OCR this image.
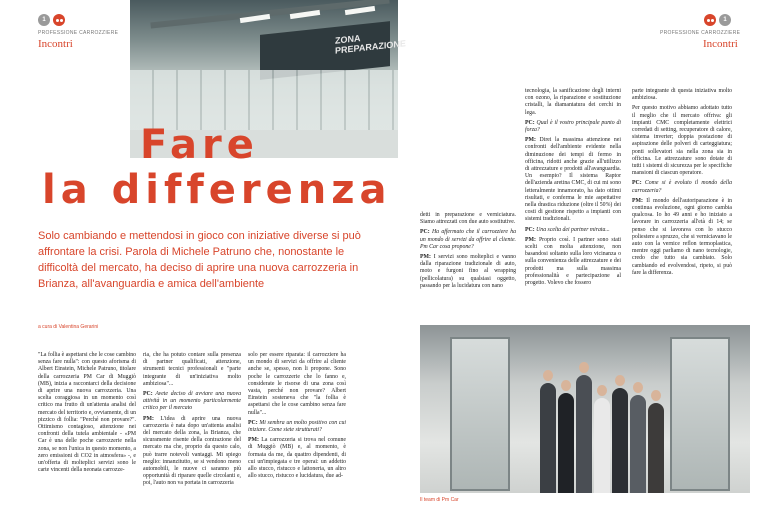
1
PROFESSIONE CARROZZIERE
Incontri
1
PROFESSIONE CARROZZIERE
Incontri
ZONA PREPARAZIONE
Fare
la differenza
Solo cambiando e mettendosi in gioco con iniziative diverse si può affrontare la crisi. Parola di Michele Patruno che, nonostante le difficoltà del mercato, ha deciso di aprire una nuova carrozzeria in Brianza, all'avanguardia e amica dell'ambiente
a cura di Valentina Gerarini

"La follia è aspettarsi che le cose cambino senza fare nulla": con questo aforisma di Albert Einstein, Michele Patruno, titolare della carrozzeria PM Car di Muggiò (MB), inizia a raccontarci della decisione di aprire una nuova carrozzeria. Una scelta coraggiosa in un momento così critico ma frutto di un'attenta analisi del mercato del territorio e, ovviamente, di un pizzico di follia: "Perché non provare?". Ottimismo contagioso, attenzione nei confronti della tutela ambientale - «PM Car è una delle poche carrozzerie nella zona, se non l'unica in questo momento, a zero emissioni di CO2 in atmosfera» -, e un'offerta di molteplici servizi sono le carte vincenti della neonata carrozze-

ria, che ha potuto contare sulla presenza di partner qualificati, attenzione, strumenti tecnici professionali e "parte integrante di un'iniziativa molto ambiziosa"...

PC: Avete deciso di avviare una nuova attività in un momento particolarmente critico per il mercato

PM: L'idea di aprire una nuova carrozzeria è nata dopo un'attenta analisi del mercato della zona, la Brianza, che sicuramente risente della contrazione del mercato ma che, proprio da questo calo, può trarre notevoli vantaggi. Mi spiego meglio: innanzitutto, se si vendono meno automobili, le nuove ci saranno più opportunità di riparare quelle circolanti e, poi, l'auto non va portata in carrozzeria

solo per essere riparata: il carrozziere ha un mondo di servizi da offrire al cliente anche se, spesso, non li propone. Sono poche le carrozzerie che lo fanno e, considerate le risorse di una zona così vasta, perché non provare? Albert Einstein sosteneva che "la follia è aspettarsi che le cose cambino senza fare nulla"...

PC: Mi sembra un molto positivo con cui iniziare. Come siete strutturati?

PM: La carrozzeria si trova nel comune di Muggiò (MB) e, al momento, è formata da me, da quattro dipendenti, di cui un'impiegata e tre operai: un addetto allo stucco, ristucco e lattoneria, un altro allo stucco, ristucco e lucidatura, due ad-

detti in preparazione e verniciatura. Siamo attrezzati con due auto sostitutive.

PC: Ha affermato che il carrozziere ha un mondo di servizi da offrire al cliente. Pm Car cosa propone?

PM: I servizi sono molteplici e vanno dalla riparazione tradizionale di auto, moto e furgoni fino al wrapping (pellicolatura) su qualsiasi oggetto, passando per la lucidatura con nano

tecnologia, la sanificazione degli interni con ozono, la riparazione e sostituzione cristalli, la diamantatura dei cerchi in lega.

PC: Qual è il vostro principale punto di forza?

PM: Direi la massima attenzione nei confronti dell'ambiente evidente nella diminuzione dei tempi di fermo in officina, ridotti anche grazie all'utilizzo di attrezzature e prodotti all'avanguardia. Un esempio? Il sistema Raptor dell'azienda aretina CMC, di cui mi sono letteralmente innamorato, ha dato ottimi risultati, e conferma le mie aspettative nella drastica riduzione (oltre il 50%) dei costi di gestione rispetto a impianti con sistemi tradizionali.

PC: Una scelta dei partner mirata...

PM: Proprio così. I partner sono stati scelti con molta attenzione, non basandosi soltanto sulla loro vicinanza o sulla convenienza delle attrezzature e dei prodotti ma sulla massima professionalità e partecipazione al progetto. Volevo che fossero

parte integrante di questa iniziativa molto ambiziosa.

Per questo motivo abbiamo adottato tutto il meglio che il mercato offriva: gli impianti CMC completamente elettrici corredati di setting, recuperatore di calore, sistema inverter; doppia postazione di aspirazione delle polveri di carteggiatura; ponti sollevatori sia nella zona sia in officina. Le attrezzature sono dotate di tutti i sistemi di sicurezza per le specifiche mansioni di ciascun operatore.

PC: Come si è evoluto il mondo della carrozzeria?

PM: Il mondo dell'autoriparazione è in continua evoluzione, ogni giorno cambia qualcosa. Io ho 49 anni e ho iniziato a lavorare in carrozzeria all'età di 14; se penso che si lavorava con lo stucco poliestere a spruzzo, che si verniciavano le auto con la vernice reflon termoplastica, mentre oggi parliamo di nano tecnologie, credo che tutto sia cambiato. Solo cambiando ed evolvendosi, ripeto, si può fare la differenza.

Il team di Pm Car
